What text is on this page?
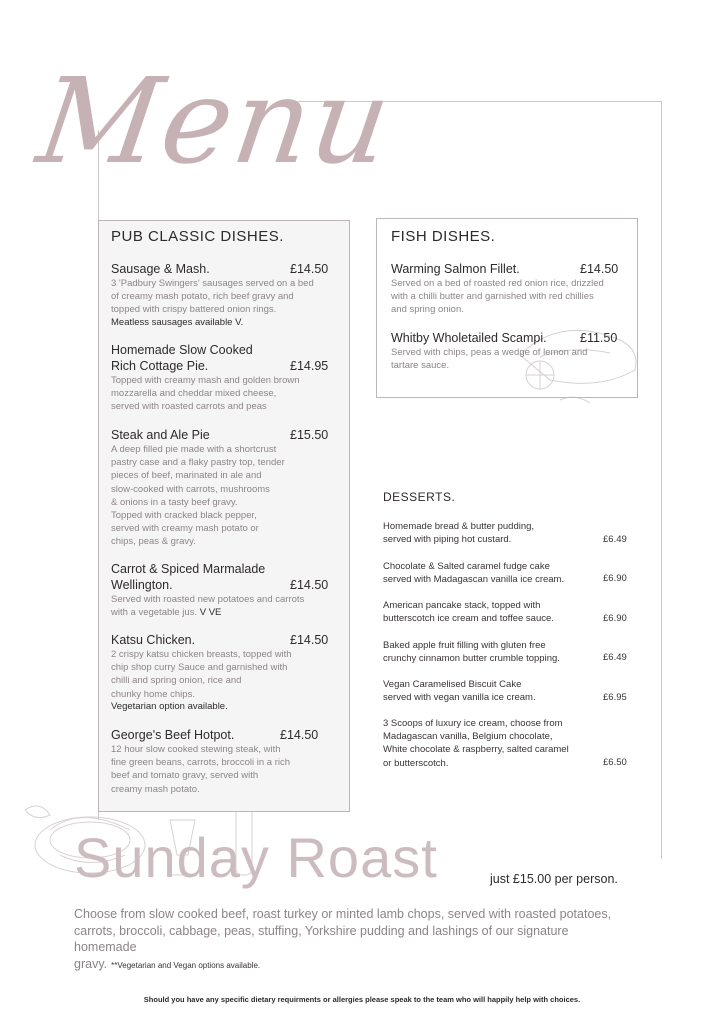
Menu
PUB CLASSIC DISHES.
Sausage & Mash.	£14.50
3 'Padbury Swingers' sausages served on a bed
of creamy mash potato, rich beef gravy and
topped with crispy battered onion rings.
Meatless sausages available V.
Homemade Slow Cooked
Rich Cottage Pie.	£14.95
Topped with creamy mash and golden brown
mozzarella and cheddar mixed cheese,
served with roasted carrots and peas
Steak and Ale Pie	£15.50
A deep filled pie made with a shortcrust
pastry case and a flaky pastry top, tender
pieces of beef, marinated in ale and
slow-cooked with carrots, mushrooms
& onions in a tasty beef gravy.
Topped with cracked black pepper,
served with creamy mash potato or
chips, peas & gravy.
Carrot & Spiced Marmalade
Wellington.	£14.50
Served with roasted new potatoes and carrots
with a vegetable jus. V VE
Katsu Chicken.	£14.50
2 crispy katsu chicken breasts, topped with
chip shop curry Sauce and garnished with
chilli and spring onion, rice and
chunky home chips.
Vegetarian option available.
George's Beef Hotpot.	£14.50
12 hour slow cooked stewing steak, with
fine green beans, carrots, broccoli in a rich
beef and tomato gravy, served with
creamy mash potato.
FISH DISHES.
Warming Salmon Fillet.	£14.50
Served on a bed of roasted red onion rice, drizzled
with a chilli butter and garnished with red chillies
and spring onion.
Whitby Wholetailed Scampi.	£11.50
Served with chips, peas a wedge of lemon and
tartare sauce.
DESSERTS.
Homemade bread & butter pudding,
served with piping hot custard.	£6.49
Chocolate & Salted caramel fudge cake
served with Madagascan vanilla ice cream.	£6.90
American pancake stack, topped with
butterscotch ice cream and toffee sauce.	£6.90
Baked apple fruit filling with gluten free
crunchy cinnamon butter crumble topping.	£6.49
Vegan Caramelised Biscuit Cake
served with vegan vanilla ice cream.	£6.95
3 Scoops of luxury ice cream, choose from
Madagascan vanilla, Belgium chocolate,
White chocolate & raspberry, salted caramel
or butterscotch.	£6.50
Sunday Roast	just £15.00 per person.
Choose from slow cooked beef, roast turkey or minted lamb chops, served with roasted potatoes,
carrots, broccoli, cabbage, peas, stuffing, Yorkshire pudding and lashings of our signature homemade
gravy. **Vegetarian and Vegan options available.
Should you have any specific dietary requirments or allergies please speak to the team who will happily help with choices.
